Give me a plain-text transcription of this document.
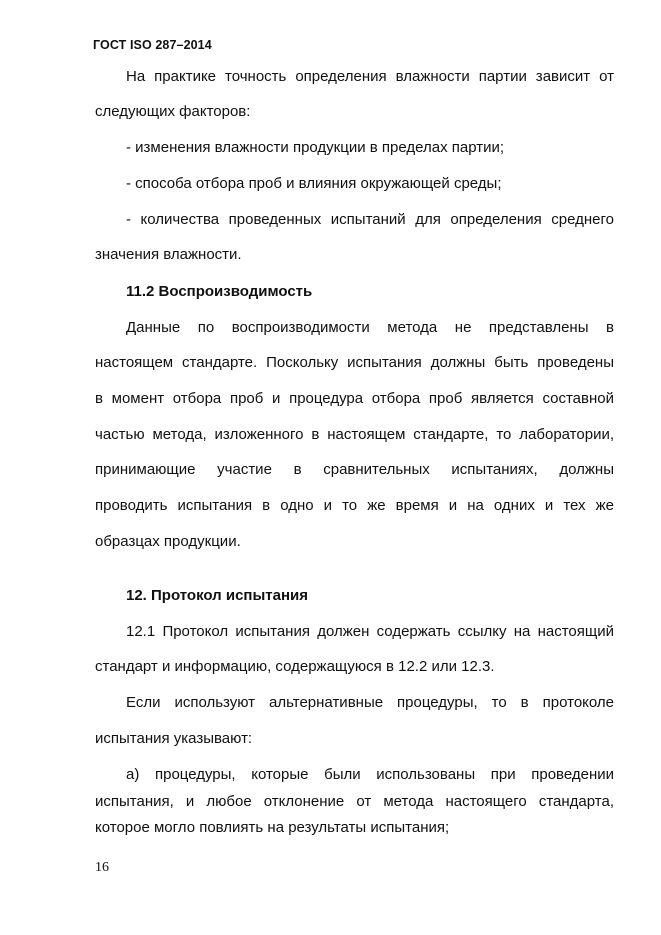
ГОСТ ISO 287–2014
На практике точность определения влажности партии зависит от
следующих факторов:
- изменения влажности продукции в пределах партии;
- способа отбора проб и влияния окружающей среды;
- количества проведенных испытаний для определения среднего
значения влажности.
11.2 Воспроизводимость
Данные по воспроизводимости метода не представлены в
настоящем стандарте. Поскольку испытания должны быть проведены
в момент отбора проб и процедура отбора проб является составной
частью метода, изложенного в настоящем стандарте, то лаборатории,
принимающие участие в сравнительных испытаниях, должны
проводить испытания в одно и то же время и на одних и тех же
образцах продукции.
12. Протокол испытания
12.1 Протокол испытания должен содержать ссылку на настоящий
стандарт и информацию, содержащуюся в 12.2 или 12.3.
Если используют альтернативные процедуры, то в протоколе
испытания указывают:
а) процедуры, которые были использованы при проведении
испытания, и любое отклонение от метода настоящего стандарта,
которое могло повлиять на результаты испытания;
16
